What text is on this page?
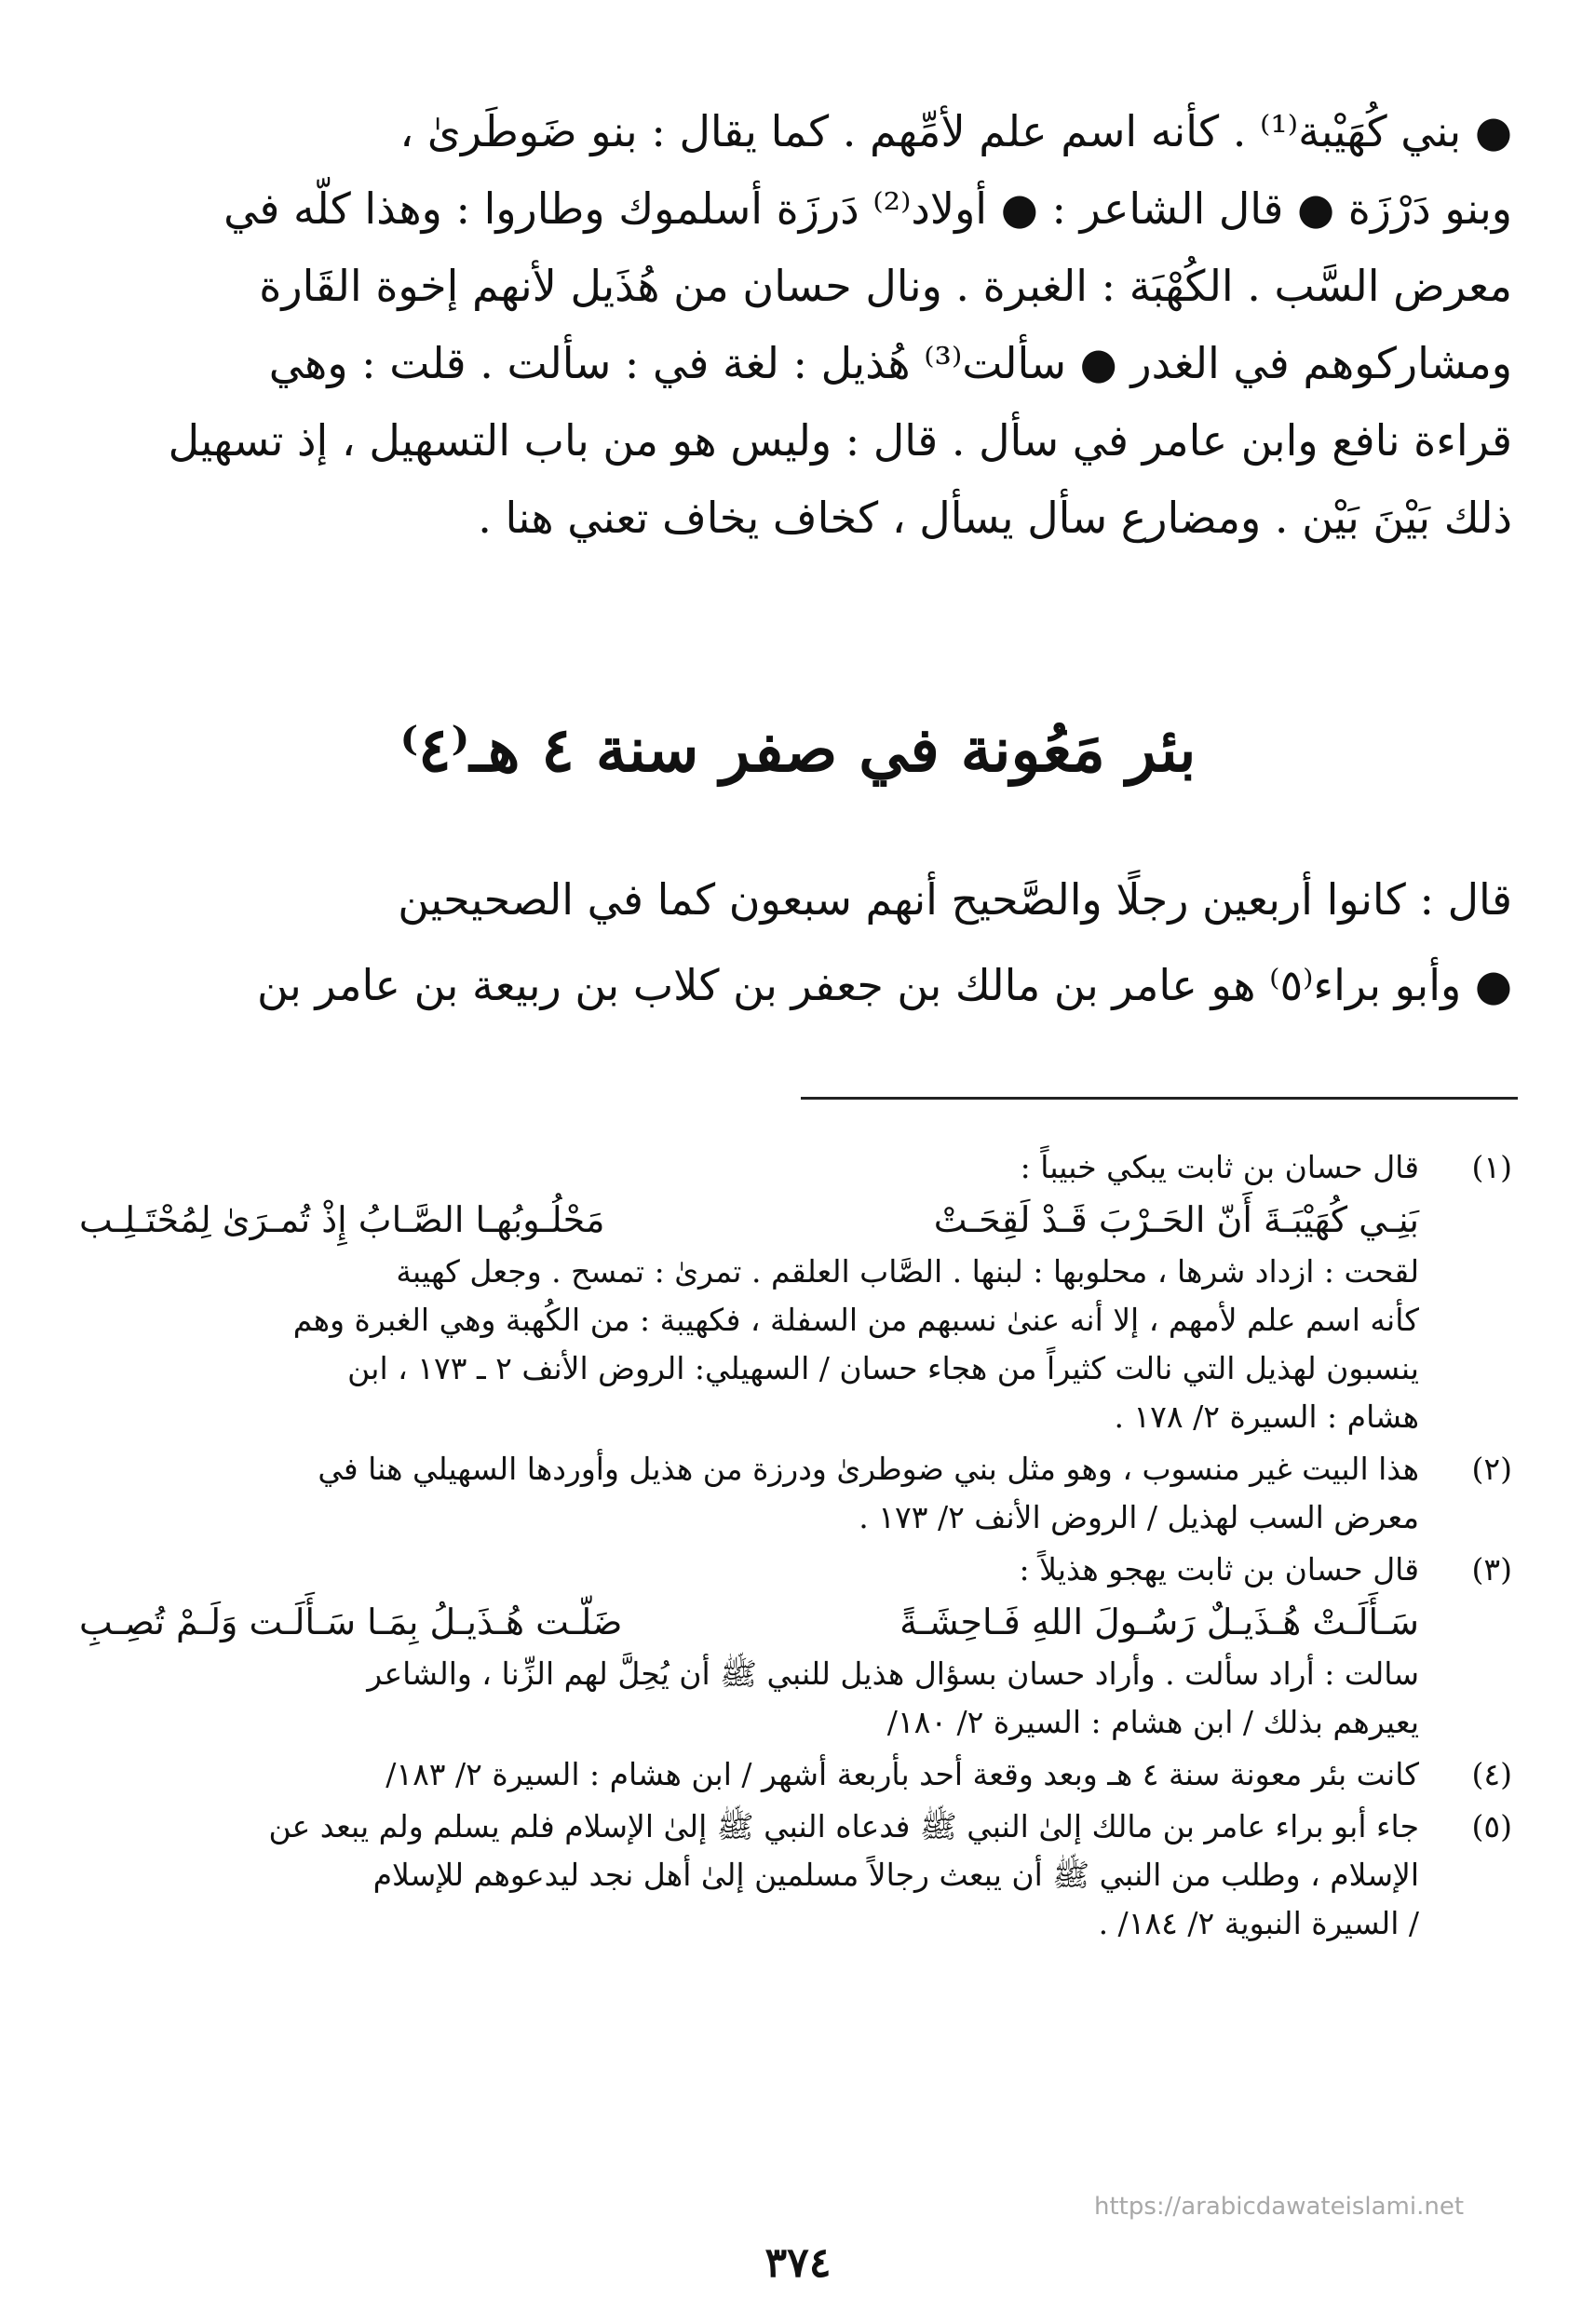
● بني كُهَيْبة⁽¹⁾ . كأنه اسم علم لأمِّهم . كما يقال : بنو ضَوطَرىٰ ،

وبنو دَرْزَة ● قال الشاعر : ● أولاد⁽²⁾ دَرزَة أسلموك وطاروا : وهذا كلّه في

معرض السَّب . الكُهْبَة : الغبرة . ونال حسان من هُذَيل لأنهم إخوة القَارة

ومشاركوهم في الغدر ● سألت⁽³⁾ هُذيل : لغة في : سألت . قلت : وهي

قراءة نافع وابن عامر في سأل . قال : وليس هو من باب التسهيل ، إذ تسهيل

ذلك بَيْنَ بَيْن . ومضارع سأل يسأل ، كخاف يخاف تعني هنا .

بئر مَعُونة في صفر سنة ٤ هـ⁽٤⁾

قال : كانوا أربعين رجلًا والصَّحيح أنهم سبعون كما في الصحيحين

● وأبو براء⁽٥⁾ هو عامر بن مالك بن جعفر بن كلاب بن ربيعة بن عامر بن

(١)

قال حسان بن ثابت يبكي خبيباً :

بَنِـي كُهَيْبَـةَ أَنّ الحَـرْبَ قَـدْ لَقِحَـتْ
مَحْلُـوبُهـا الصَّـابُ إِذْ تُمـرَىٰ لِمُحْتَـلِـب

لقحت : ازداد شرها ، محلوبها : لبنها . الصَّاب العلقم . تمرىٰ : تمسح . وجعل كهيبة

كأنه اسم علم لأمهم ، إلا أنه عنىٰ نسبهم من السفلة ، فكهيبة : من الكُهبة وهي الغبرة وهم

ينسبون لهذيل التي نالت كثيراً من هجاء حسان / السهيلي: الروض الأنف ٢ ـ ١٧٣ ، ابن

هشام : السيرة ٢/ ١٧٨ .

(٢)

هذا البيت غير منسوب ، وهو مثل بني ضوطرىٰ ودرزة من هذيل وأوردها السهيلي هنا في

معرض السب لهذيل / الروض الأنف ٢/ ١٧٣ .

(٣)

قال حسان بن ثابت يهجو هذيلاً :

سَـأَلَـتْ هُـذَيـلٌ رَسُـولَ اللهِ فَـاحِشَـةً
ضَلّـت هُـذَيـلُ بِمَـا سَـأَلَـت وَلَـمْ تُصِـبِ

سالت : أراد سألت . وأراد حسان بسؤال هذيل للنبي ﷺ أن يُحِلَّ لهم الزِّنا ، والشاعر

يعيرهم بذلك / ابن هشام : السيرة ٢/ ١٨٠/

(٤)

كانت بئر معونة سنة ٤ هـ وبعد وقعة أحد بأربعة أشهر / ابن هشام : السيرة ٢/ ١٨٣/

(٥)

جاء أبو براء عامر بن مالك إلىٰ النبي ﷺ فدعاه النبي ﷺ إلىٰ الإسلام فلم يسلم ولم يبعد عن

الإسلام ، وطلب من النبي ﷺ أن يبعث رجالاً مسلمين إلىٰ أهل نجد ليدعوهم للإسلام

/ السيرة النبوية ٢/ ١٨٤/ .

https://arabicdawateislami.net
٣٧٤
